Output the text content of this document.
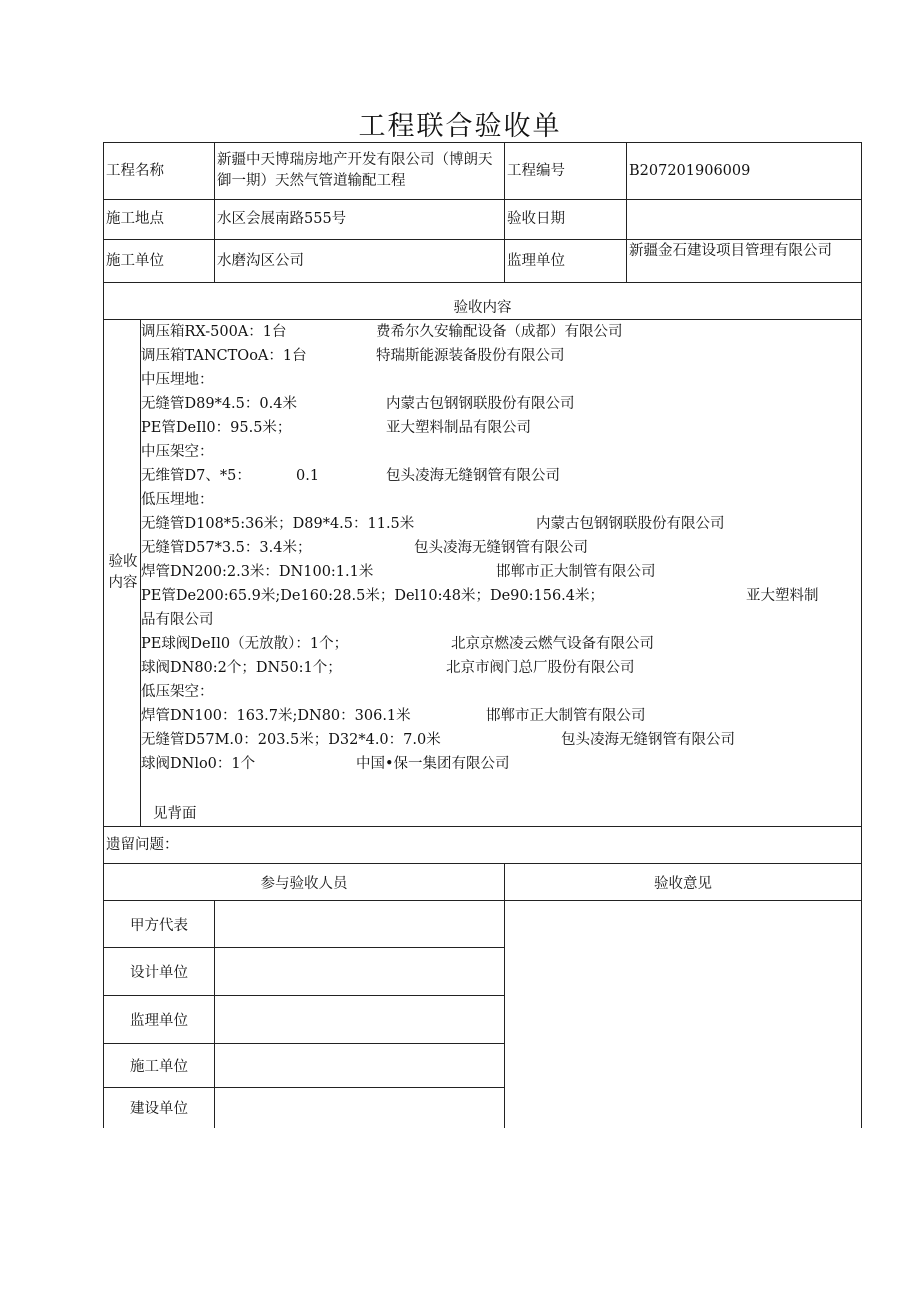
工程联合验收单
工程名称	新疆中天博瑞房地产开发有限公司（博朗天御一期）天然气管道输配工程	工程编号	B207201906009
施工地点	水区会展南路555号	验收日期	
施工单位	水磨沟区公司	监理单位	新疆金石建设项目管理有限公司
验收内容			
验收内容

调压箱RX-500A：1台	费希尔久安输配设备（成都）有限公司
调压箱TANCTOoA：1台	特瑞斯能源装备股份有限公司
中压埋地：
无缝管D89*4.5：0.4米	内蒙古包钢钢联股份有限公司
PE管DeIl0：95.5米；	亚大塑料制品有限公司
中压架空：
无维管D7、*5：	0.1	包头凌海无缝钢管有限公司
低压埋地：
无缝管D108*5:36米；D89*4.5：11.5米	内蒙古包钢钢联股份有限公司
无缝管D57*3.5：3.4米；	包头凌海无缝钢管有限公司
焊管DN200:2.3米：DN100:1.1米	邯郸市正大制管有限公司
PE管De200:65.9米;De160:28.5米；Del10:48米；De90:156.4米；	亚大塑料制
品有限公司
PE球阀DeIl0（无放散）：1个；	北京京燃凌云燃气设备有限公司
球阀DN80:2个；DN50:1个；	北京市阀门总厂股份有限公司
低压架空：
焊管DN100：163.7米;DN80：306.1米	邯郸市正大制管有限公司
无缝管D57M.0：203.5米；D32*4.0：7.0米	包头凌海无缝钢管有限公司
球阀DNlo0：1个	中国•保一集团有限公司
见背面

遗留问题：
参与验收人员		验收意见
甲方代表		
设计单位		
监理单位		
施工单位		
建设单位		
